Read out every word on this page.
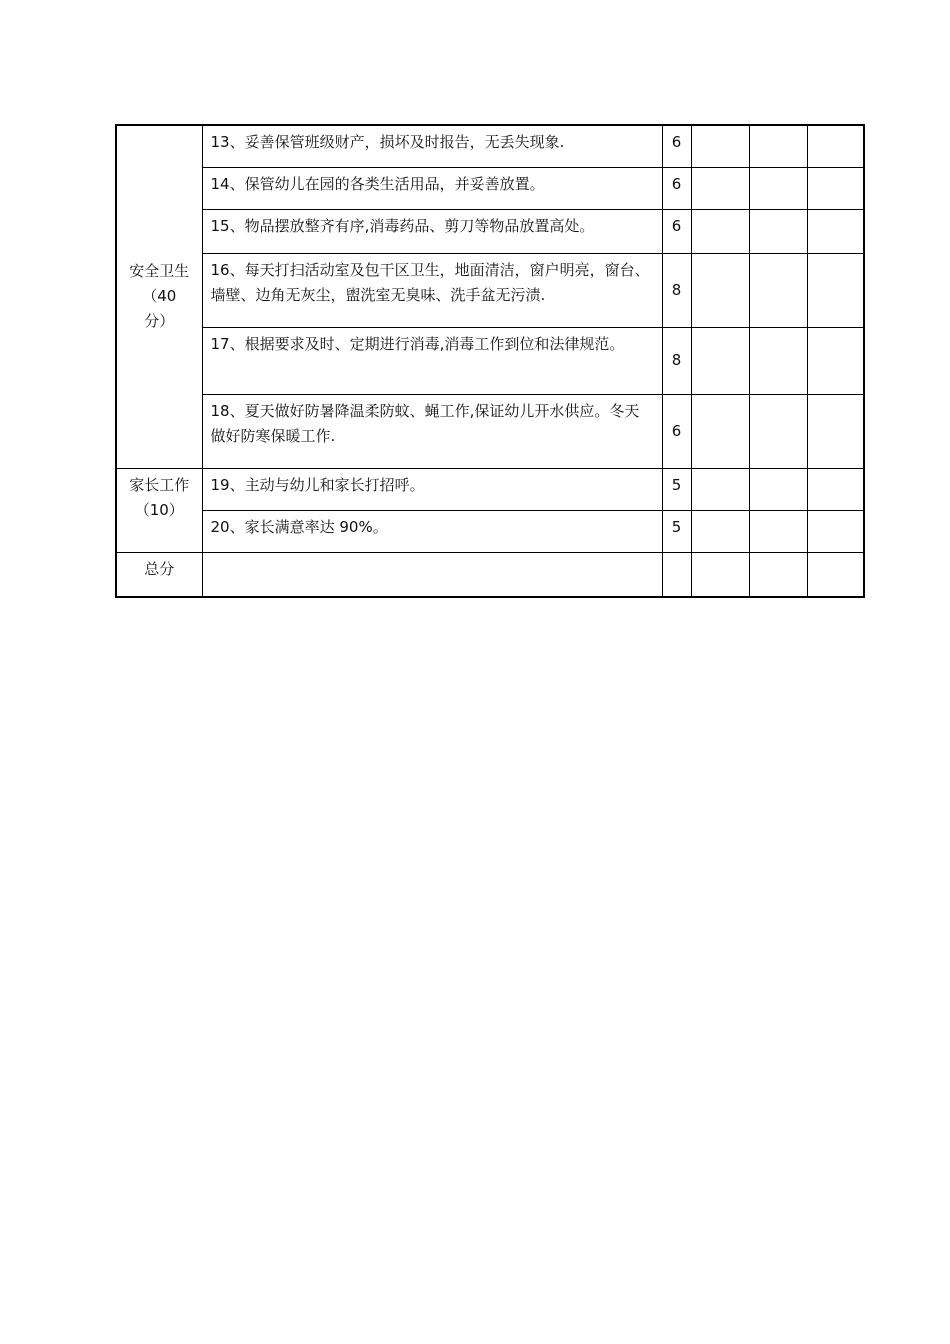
安全卫生
（40
分）	13、妥善保管班级财产，损坏及时报告，无丢失现象.	6			
	14、保管幼儿在园的各类生活用品，并妥善放置。	6			
	15、物品摆放整齐有序,消毒药品、剪刀等物品放置高处。	6			
	16、每天打扫活动室及包干区卫生，地面清洁，窗户明亮，窗台、墙壁、边角无灰尘，盥洗室无臭味、洗手盆无污渍.	8			
	17、根据要求及时、定期进行消毒,消毒工作到位和法律规范。	8			
	18、夏天做好防暑降温柔防蚊、蝇工作,保证幼儿开水供应。冬天做好防寒保暖工作.	6			

家长工作
（10）	19、主动与幼儿和家长打招呼。	5			
	20、家长满意率达 90%。	5			
总分					
